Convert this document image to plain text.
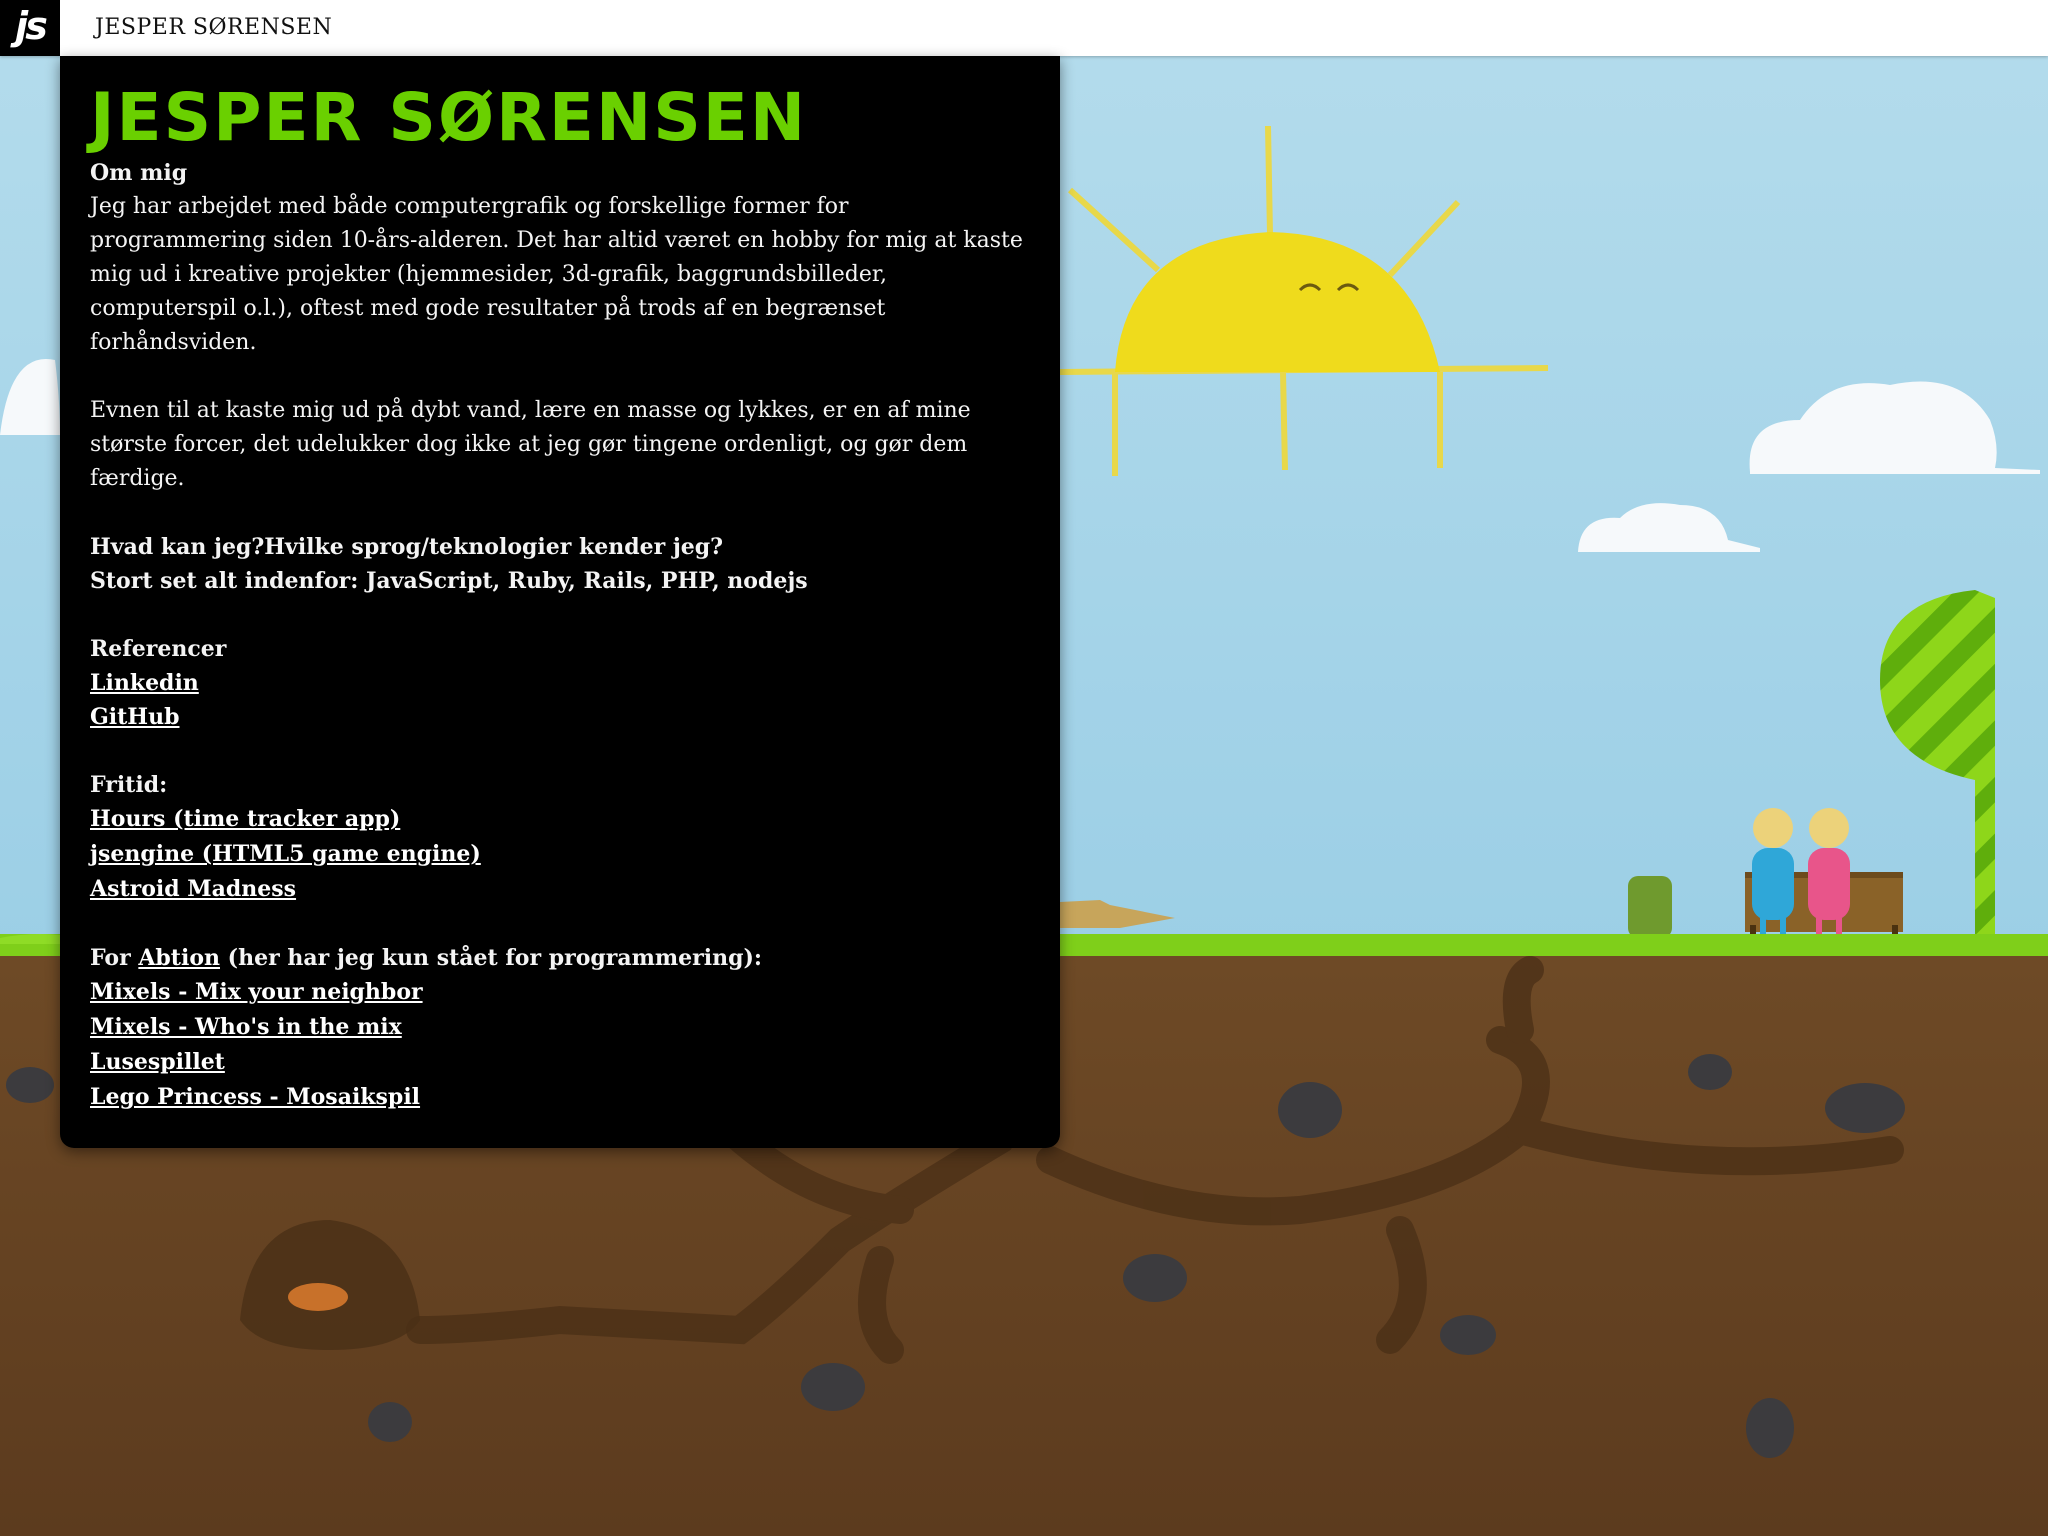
js	JESPER SØRENSEN
JESPER SØRENSEN
Om mig
Jeg har arbejdet med både computergrafik og forskellige former for programmering siden 10-års-alderen. Det har altid været en hobby for mig at kaste mig ud i kreative projekter (hjemmesider, 3d-grafik, baggrundsbilleder, computerspil o.l.), oftest med gode resultater på trods af en begrænset forhåndsviden.
Evnen til at kaste mig ud på dybt vand, lære en masse og lykkes, er en af mine største forcer, det udelukker dog ikke at jeg gør tingene ordenligt, og gør dem færdige.
Hvad kan jeg?Hvilke sprog/teknologier kender jeg?
Stort set alt indenfor: JavaScript, Ruby, Rails, PHP, nodejs
Referencer
Linkedin
GitHub
Fritid:
Hours (time tracker app)
jsengine (HTML5 game engine)
Astroid Madness
For Abtion (her har jeg kun stået for programmering):
Mixels - Mix your neighbor
Mixels - Who's in the mix
Lusespillet
Lego Princess - Mosaikspil
